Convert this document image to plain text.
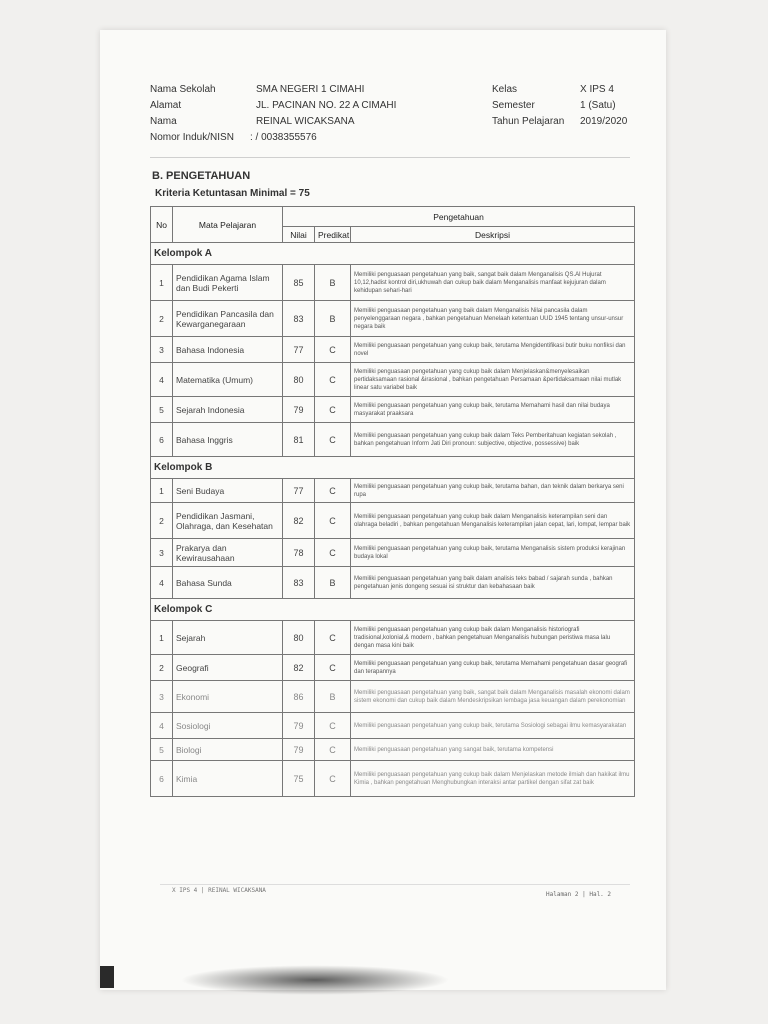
Nama Sekolah	SMA NEGERI 1 CIMAHI	Kelas	X IPS 4
Alamat	JL. PACINAN NO. 22 A CIMAHI	Semester	1 (Satu)
Nama	REINAL WICAKSANA	Tahun Pelajaran 2019/2020
Nomor Induk/NISN : / 0038355576
B. PENGETAHUAN
Kriteria Ketuntasan Minimal = 75
No	Mata Pelajaran	Pengetahuan		
		Nilai	Predikat	Deskripsi
Kelompok A				
1	Pendidikan Agama Islam dan Budi Pekerti	85	B	Memiliki penguasaan pengetahuan yang baik, sangat baik dalam Menganalisis QS.Al Hujurat 10,12,hadist kontrol diri,ukhuwah dan cukup baik dalam Menganalisis manfaat kejujuran dalam kehidupan sehari-hari
2	Pendidikan Pancasila dan Kewarganegaraan	83	B	Memiliki penguasaan pengetahuan yang baik dalam Menganalisis Nilai pancasila dalam penyelenggaraan negara , bahkan pengetahuan Menelaah ketentuan UUD 1945 tentang unsur-unsur negara baik
3	Bahasa Indonesia	77	C	Memiliki penguasaan pengetahuan yang cukup baik, terutama Mengidentifikasi butir buku nonfiksi dan novel
4	Matematika (Umum)	80	C	Memiliki penguasaan pengetahuan yang cukup baik dalam Menjelaskan&menyelesaikan pertidaksamaan rasional &irasional , bahkan pengetahuan Persamaan &pertidaksamaan nilai mutlak linear satu variabel baik
5	Sejarah Indonesia	79	C	Memiliki penguasaan pengetahuan yang cukup baik, terutama Memahami hasil dan nilai budaya masyarakat praaksara
6	Bahasa Inggris	81	C	Memiliki penguasaan pengetahuan yang cukup baik dalam Teks Pemberitahuan kegiatan sekolah , bahkan pengetahuan Inform Jati Diri pronoun: subjective, objective, possessive) baik
Kelompok B				
1	Seni Budaya	77	C	Memiliki penguasaan pengetahuan yang cukup baik, terutama bahan, dan teknik dalam berkarya seni rupa
2	Pendidikan Jasmani, Olahraga, dan Kesehatan	82	C	Memiliki penguasaan pengetahuan yang cukup baik dalam Menganalisis keterampilan seni dan olahraga beladiri , bahkan pengetahuan Menganalisis keterampilan jalan cepat, lari, lompat, lempar baik
3	Prakarya dan Kewirausahaan	78	C	Memiliki penguasaan pengetahuan yang cukup baik, terutama Menganalisis sistem produksi kerajinan budaya lokal
4	Bahasa Sunda	83	B	Memiliki penguasaan pengetahuan yang baik dalam analisis teks babad / sajarah sunda , bahkan pengetahuan jenis dongeng sesuai isi struktur dan kebahasaan baik
Kelompok C				
1	Sejarah	80	C	Memiliki penguasaan pengetahuan yang cukup baik dalam Menganalisis historiografi tradisional,kolonial,& modern , bahkan pengetahuan Menganalisis hubungan peristiwa masa lalu dengan masa kini baik
2	Geografi	82	C	Memiliki penguasaan pengetahuan yang cukup baik, terutama Memahami pengetahuan dasar geografi dan terapannya
3	Ekonomi	86	B	Memiliki penguasaan pengetahuan yang baik, sangat baik dalam Menganalisis masalah ekonomi dalam sistem ekonomi dan cukup baik dalam Mendeskripsikan lembaga jasa keuangan dalam perekonomian
4	Sosiologi	79	C	Memiliki penguasaan pengetahuan yang cukup baik, terutama Sosiologi sebagai ilmu kemasyarakatan
5	Biologi	79	C	Memiliki penguasaan pengetahuan yang sangat baik, terutama kompetensi
6	Kimia	75	C	Memiliki penguasaan pengetahuan yang cukup baik dalam Menjelaskan metode ilmiah dan hakikat ilmu Kimia , bahkan pengetahuan Menghubungkan interaksi antar partikel dengan sifat zat baik
X IPS 4 | REINAL WICAKSANA
Halaman 2 | Hal. 2
